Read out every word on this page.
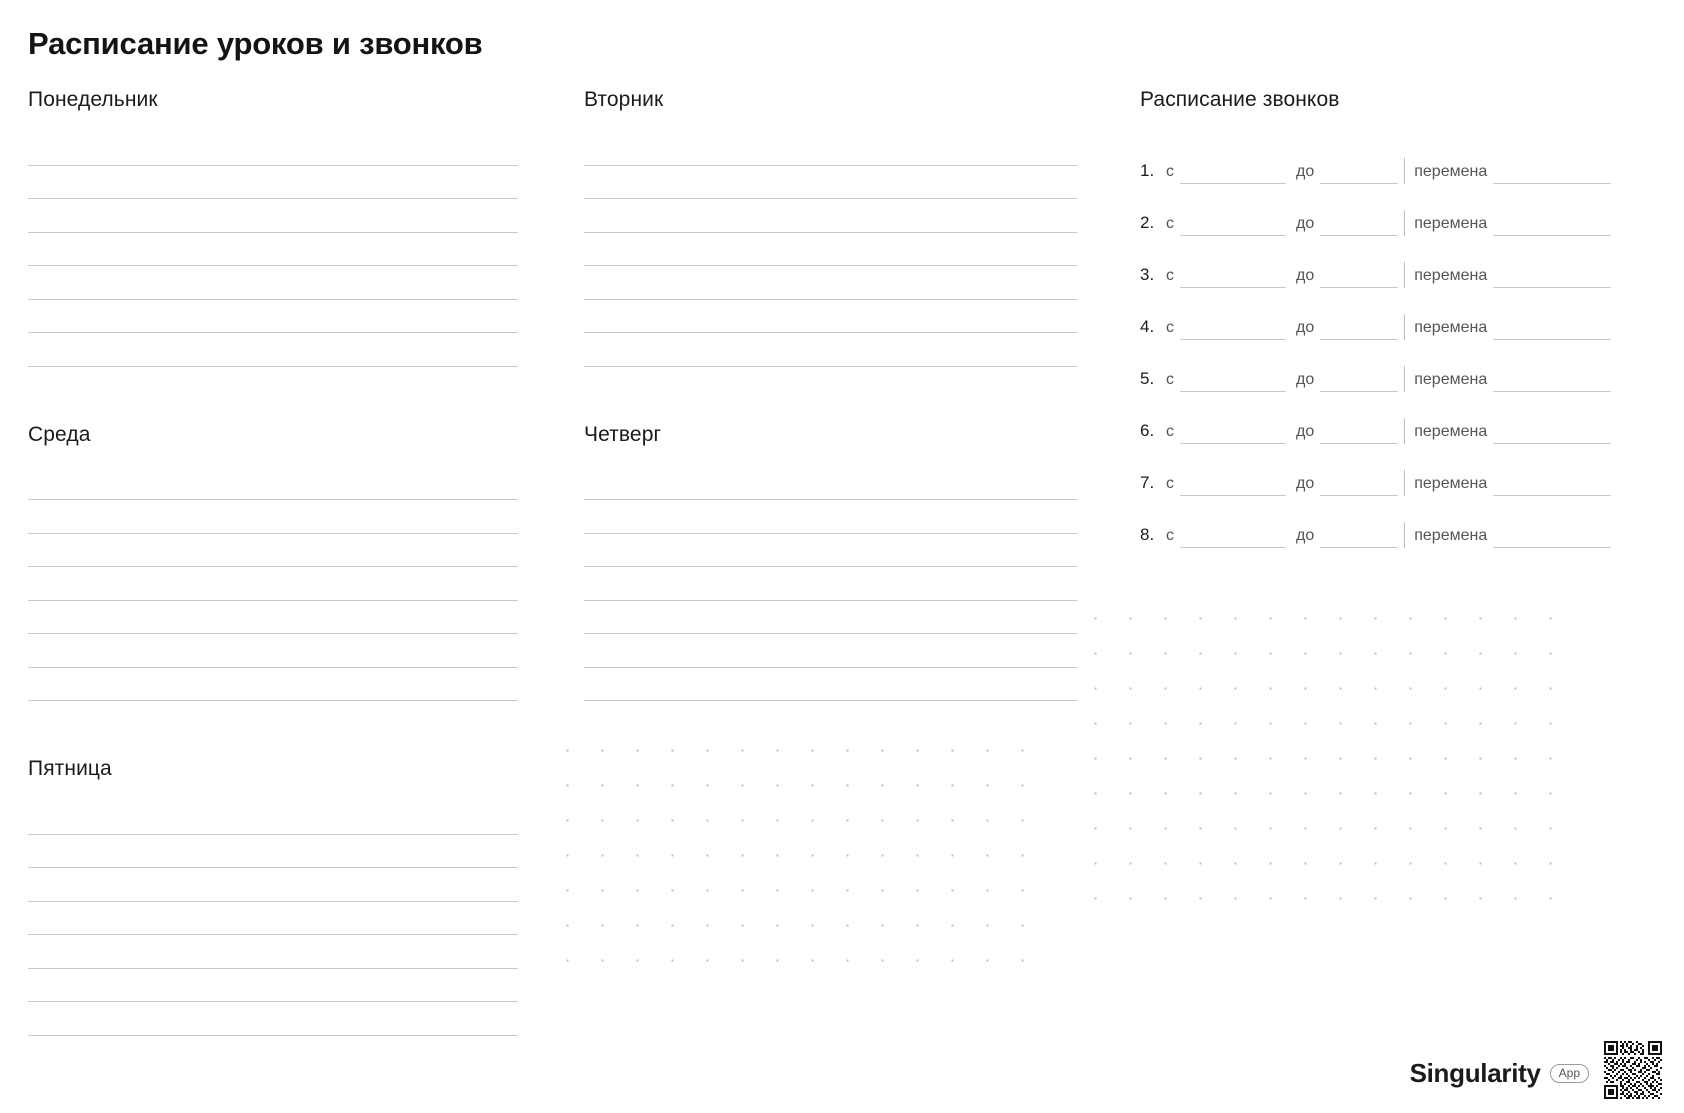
Расписание уроков и звонков
Понедельник
Среда
Пятница
Вторник
Четверг
Расписание звонков
1. с	до	перемена
2. с	до	перемена
3. с	до	перемена
4. с	до	перемена
5. с	до	перемена
6. с	до	перемена
7. с	до	перемена
8. с	до	перемена
Singularity	App
